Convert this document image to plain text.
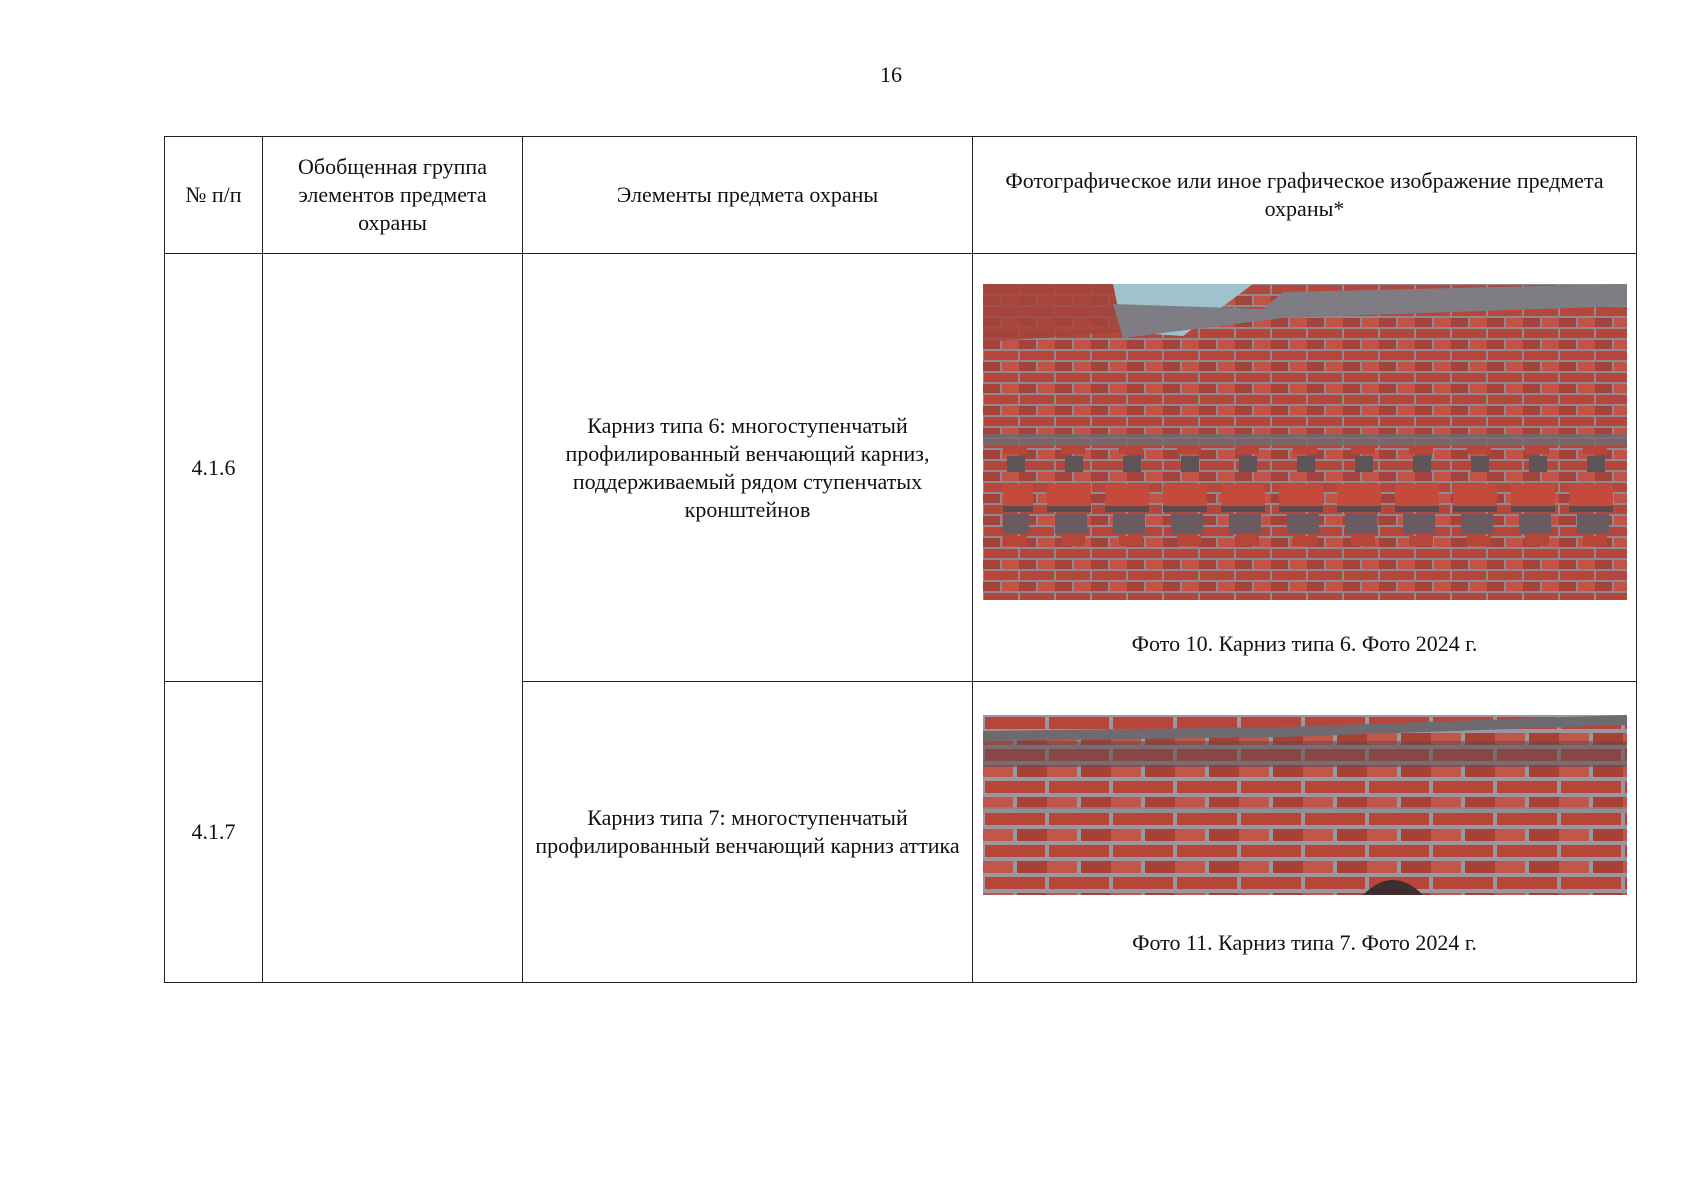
16
№ п/п	Обобщенная группа элементов предмета охраны	Элементы предмета охраны	Фотографическое или иное графическое изображение предмета охраны*
4.1.6		Карниз типа 6: многоступенчатый профилированный венчающий карниз, поддерживаемый рядом ступенчатых кронштейнов	Фото 10. Карниз типа 6. Фото 2024 г.

4.1.7		Карниз типа 7: многоступенчатый профилированный венчающий карниз аттика	Фото 11. Карниз типа 7. Фото 2024 г.
